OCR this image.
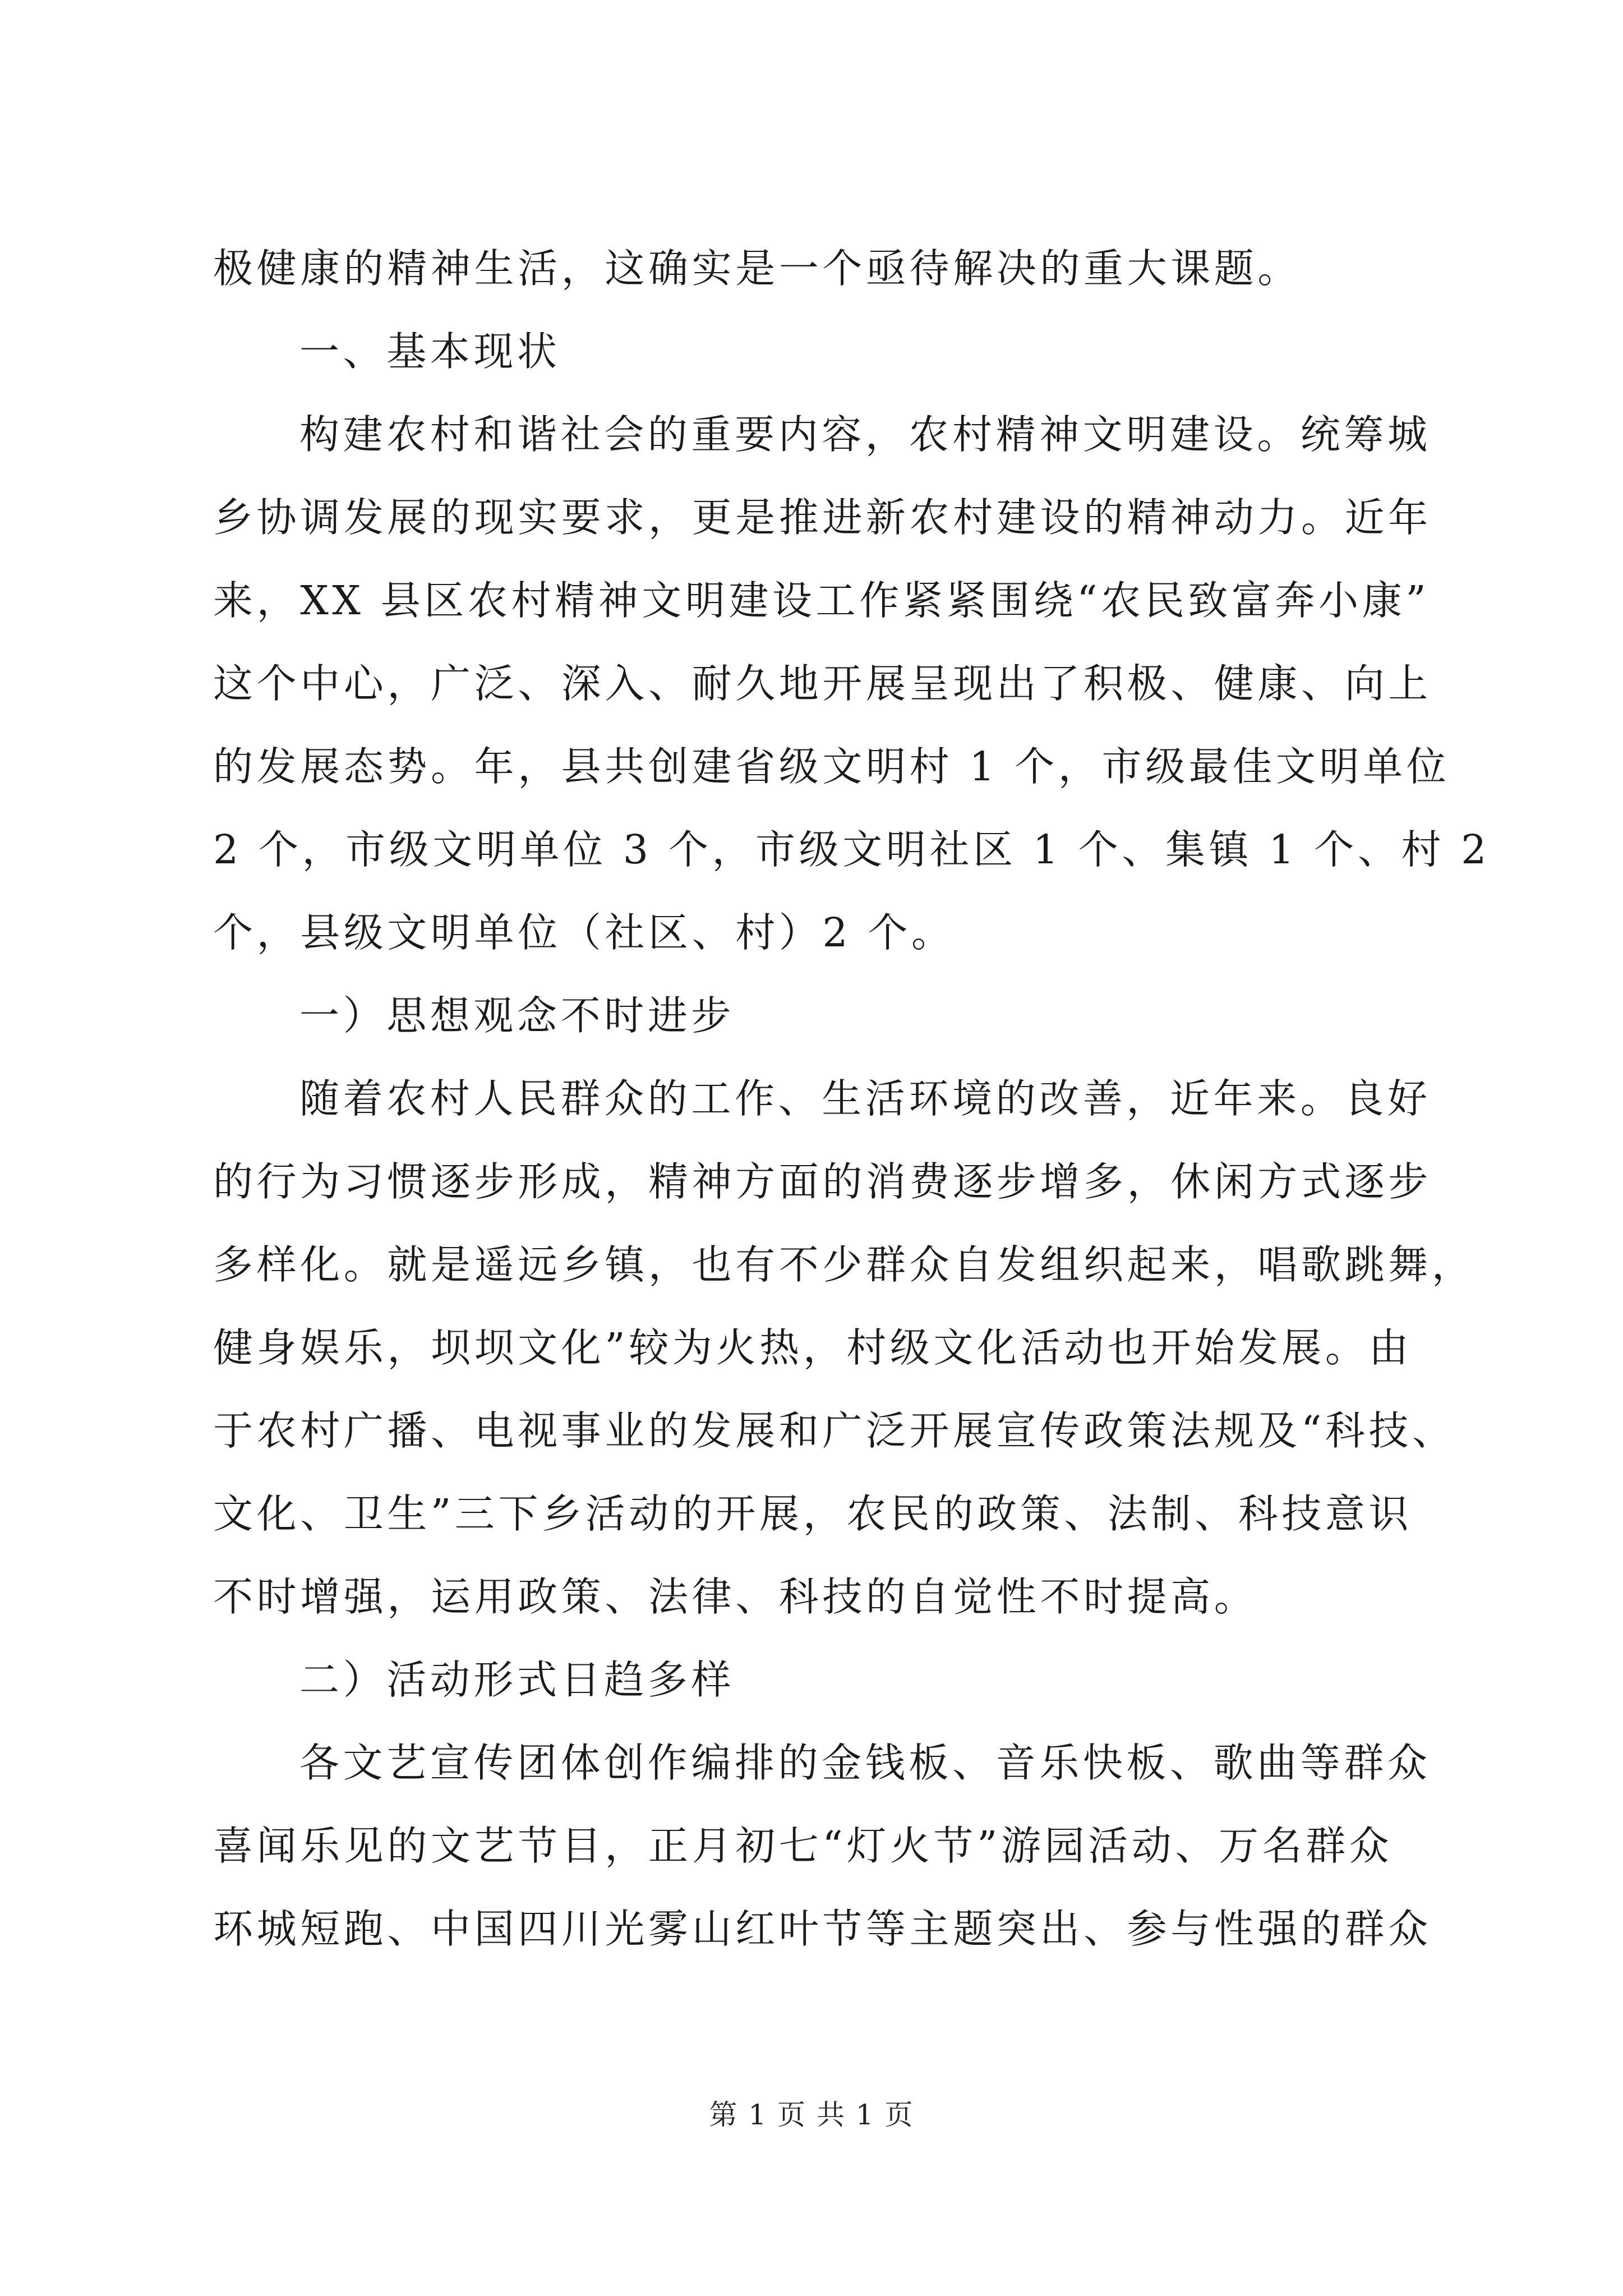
极健康的精神生活，这确实是一个亟待解决的重大课题。
一、基本现状
构建农村和谐社会的重要内容，农村精神文明建设。统筹城
乡协调发展的现实要求，更是推进新农村建设的精神动力。近年
来，XX 县区农村精神文明建设工作紧紧围绕“农民致富奔小康”
这个中心，广泛、深入、耐久地开展呈现出了积极、健康、向上
的发展态势。年，县共创建省级文明村 1 个，市级最佳文明单位
2 个，市级文明单位 3 个，市级文明社区 1 个、集镇 1 个、村 2
个，县级文明单位（社区、村）2 个。
一）思想观念不时进步
随着农村人民群众的工作、生活环境的改善，近年来。良好
的行为习惯逐步形成，精神方面的消费逐步增多，休闲方式逐步
多样化。就是遥远乡镇，也有不少群众自发组织起来，唱歌跳舞，
健身娱乐，坝坝文化”较为火热，村级文化活动也开始发展。由
于农村广播、电视事业的发展和广泛开展宣传政策法规及“科技、
文化、卫生”三下乡活动的开展，农民的政策、法制、科技意识
不时增强，运用政策、法律、科技的自觉性不时提高。
二）活动形式日趋多样
各文艺宣传团体创作编排的金钱板、音乐快板、歌曲等群众
喜闻乐见的文艺节目，正月初七“灯火节”游园活动、万名群众
环城短跑、中国四川光雾山红叶节等主题突出、参与性强的群众
第 1 页 共 1 页
